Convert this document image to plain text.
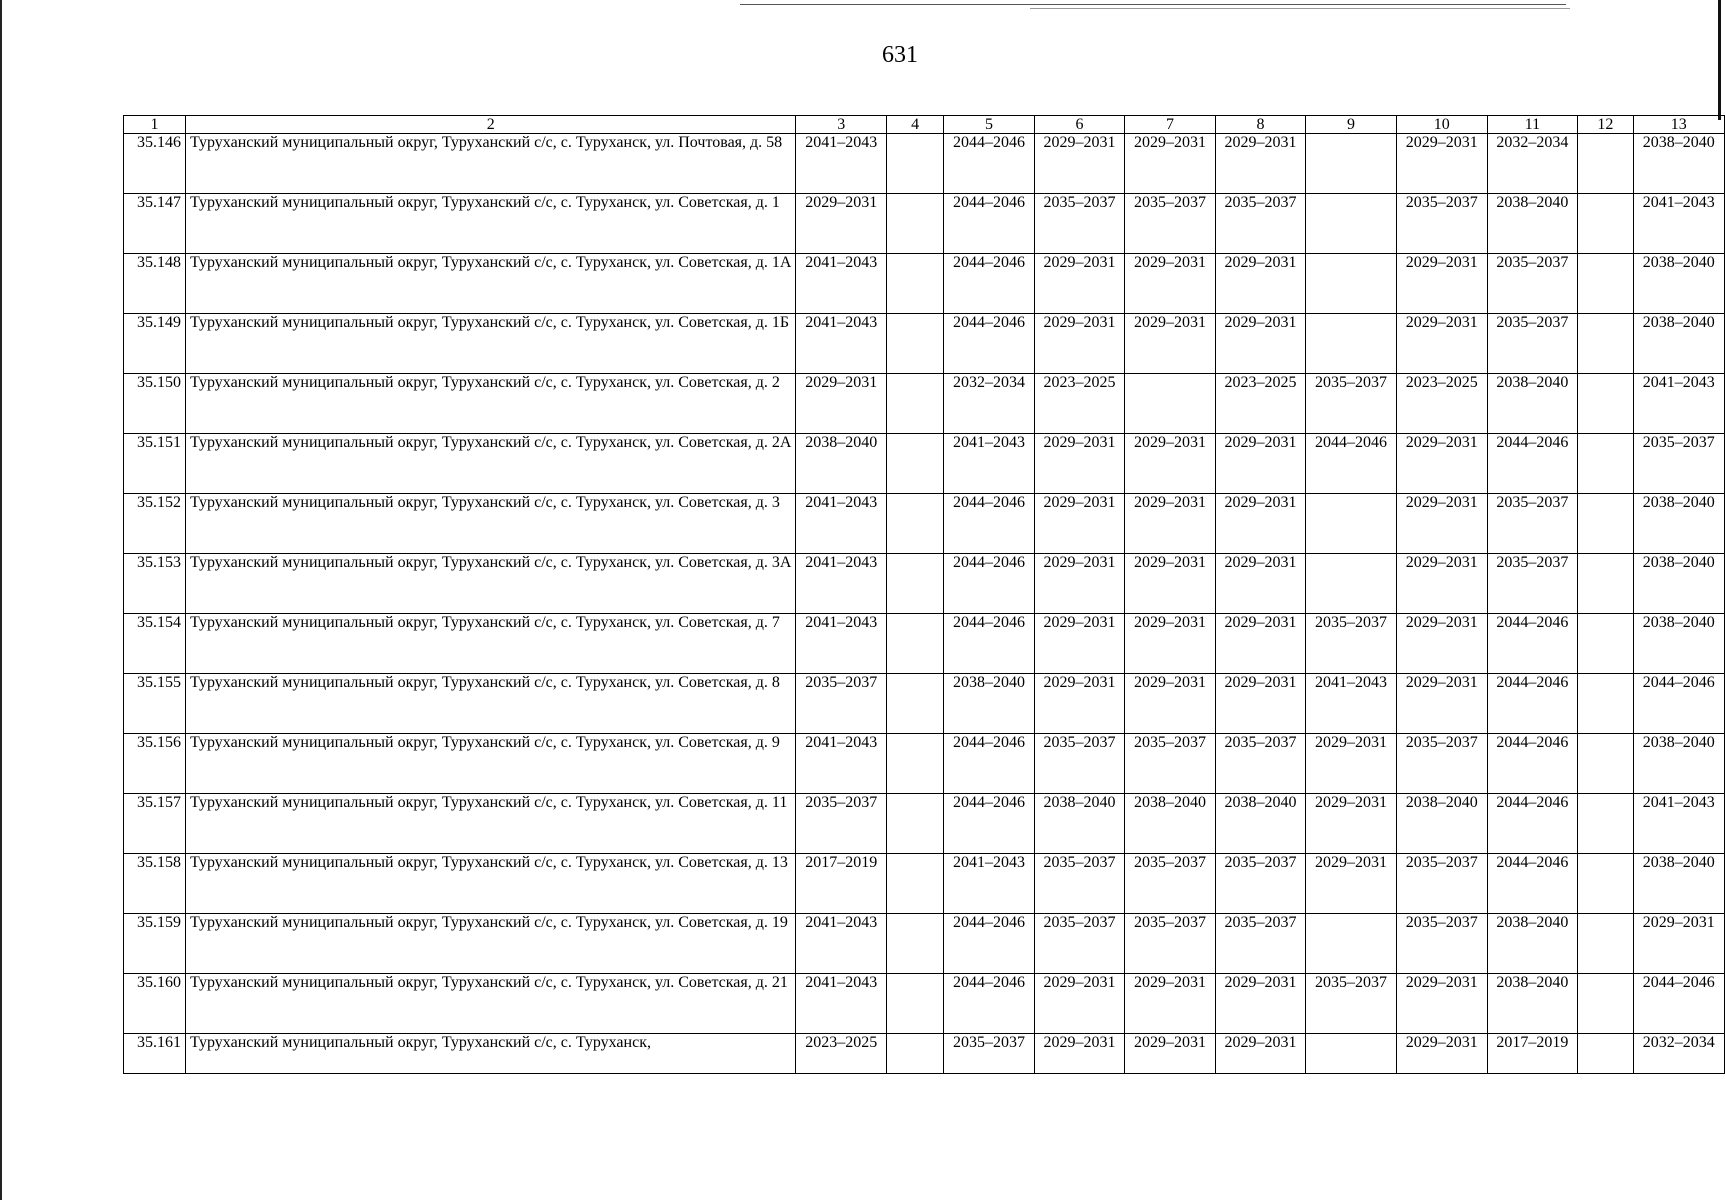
631
1	2	3	4	5	6	7	8	9	10	11	12	13
35.146	Туруханский муниципальный округ, Туруханский с/с, с. Туруханск, ул. Почтовая, д. 58	2041–2043		2044–2046	2029–2031	2029–2031	2029–2031		2029–2031	2032–2034		2038–2040
35.147	Туруханский муниципальный округ, Туруханский с/с, с. Туруханск, ул. Советская, д. 1	2029–2031		2044–2046	2035–2037	2035–2037	2035–2037		2035–2037	2038–2040		2041–2043
35.148	Туруханский муниципальный округ, Туруханский с/с, с. Туруханск, ул. Советская, д. 1А	2041–2043		2044–2046	2029–2031	2029–2031	2029–2031		2029–2031	2035–2037		2038–2040
35.149	Туруханский муниципальный округ, Туруханский с/с, с. Туруханск, ул. Советская, д. 1Б	2041–2043		2044–2046	2029–2031	2029–2031	2029–2031		2029–2031	2035–2037		2038–2040
35.150	Туруханский муниципальный округ, Туруханский с/с, с. Туруханск, ул. Советская, д. 2	2029–2031		2032–2034	2023–2025		2023–2025	2035–2037	2023–2025	2038–2040		2041–2043
35.151	Туруханский муниципальный округ, Туруханский с/с, с. Туруханск, ул. Советская, д. 2А	2038–2040		2041–2043	2029–2031	2029–2031	2029–2031	2044–2046	2029–2031	2044–2046		2035–2037
35.152	Туруханский муниципальный округ, Туруханский с/с, с. Туруханск, ул. Советская, д. 3	2041–2043		2044–2046	2029–2031	2029–2031	2029–2031		2029–2031	2035–2037		2038–2040
35.153	Туруханский муниципальный округ, Туруханский с/с, с. Туруханск, ул. Советская, д. 3А	2041–2043		2044–2046	2029–2031	2029–2031	2029–2031		2029–2031	2035–2037		2038–2040
35.154	Туруханский муниципальный округ, Туруханский с/с, с. Туруханск, ул. Советская, д. 7	2041–2043		2044–2046	2029–2031	2029–2031	2029–2031	2035–2037	2029–2031	2044–2046		2038–2040
35.155	Туруханский муниципальный округ, Туруханский с/с, с. Туруханск, ул. Советская, д. 8	2035–2037		2038–2040	2029–2031	2029–2031	2029–2031	2041–2043	2029–2031	2044–2046		2044–2046
35.156	Туруханский муниципальный округ, Туруханский с/с, с. Туруханск, ул. Советская, д. 9	2041–2043		2044–2046	2035–2037	2035–2037	2035–2037	2029–2031	2035–2037	2044–2046		2038–2040
35.157	Туруханский муниципальный округ, Туруханский с/с, с. Туруханск, ул. Советская, д. 11	2035–2037		2044–2046	2038–2040	2038–2040	2038–2040	2029–2031	2038–2040	2044–2046		2041–2043
35.158	Туруханский муниципальный округ, Туруханский с/с, с. Туруханск, ул. Советская, д. 13	2017–2019		2041–2043	2035–2037	2035–2037	2035–2037	2029–2031	2035–2037	2044–2046		2038–2040
35.159	Туруханский муниципальный округ, Туруханский с/с, с. Туруханск, ул. Советская, д. 19	2041–2043		2044–2046	2035–2037	2035–2037	2035–2037		2035–2037	2038–2040		2029–2031
35.160	Туруханский муниципальный округ, Туруханский с/с, с. Туруханск, ул. Советская, д. 21	2041–2043		2044–2046	2029–2031	2029–2031	2029–2031	2035–2037	2029–2031	2038–2040		2044–2046
35.161	Туруханский муниципальный округ, Туруханский с/с, с. Туруханск,	2023–2025		2035–2037	2029–2031	2029–2031	2029–2031		2029–2031	2017–2019		2032–2034
